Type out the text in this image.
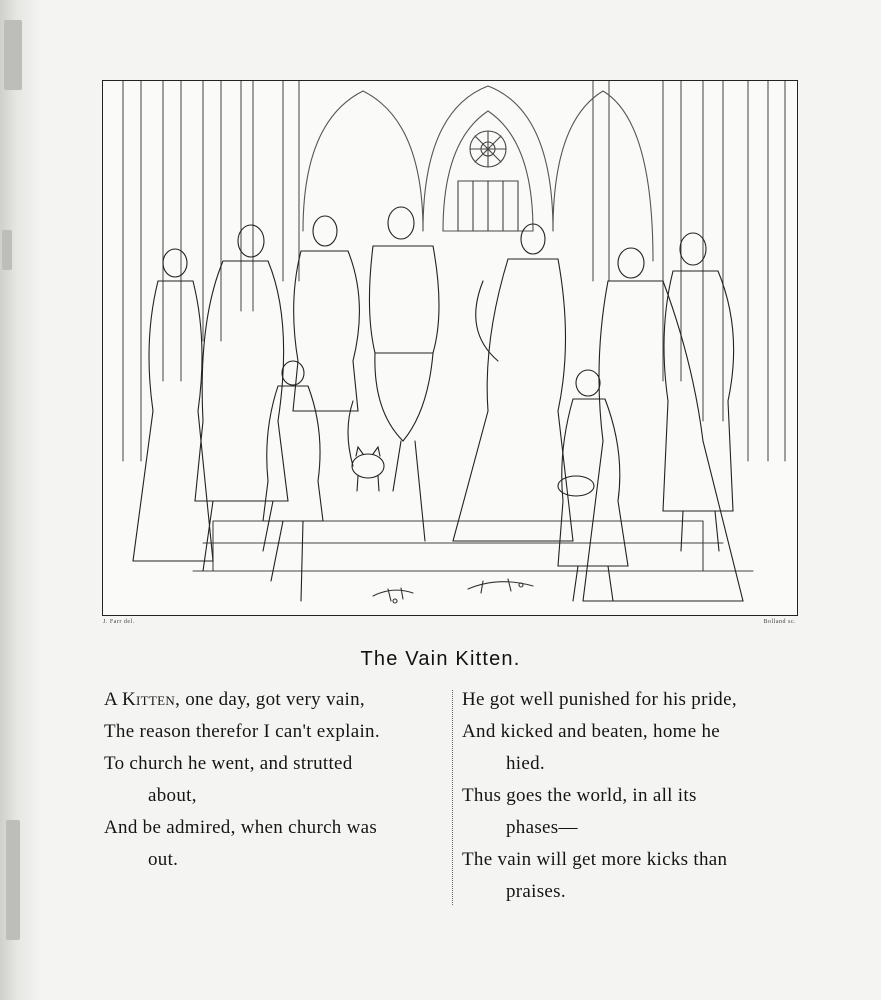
J. Farr del.	Bolland sc.
The Vain Kitten.
A Kitten, one day, got very vain,
The reason therefor I can't explain.
To church he went, and strutted
about,
And be admired, when church was
out.
He got well punished for his pride,
And kicked and beaten, home he
hied.
Thus goes the world, in all its
phases—
The vain will get more kicks than
praises.
